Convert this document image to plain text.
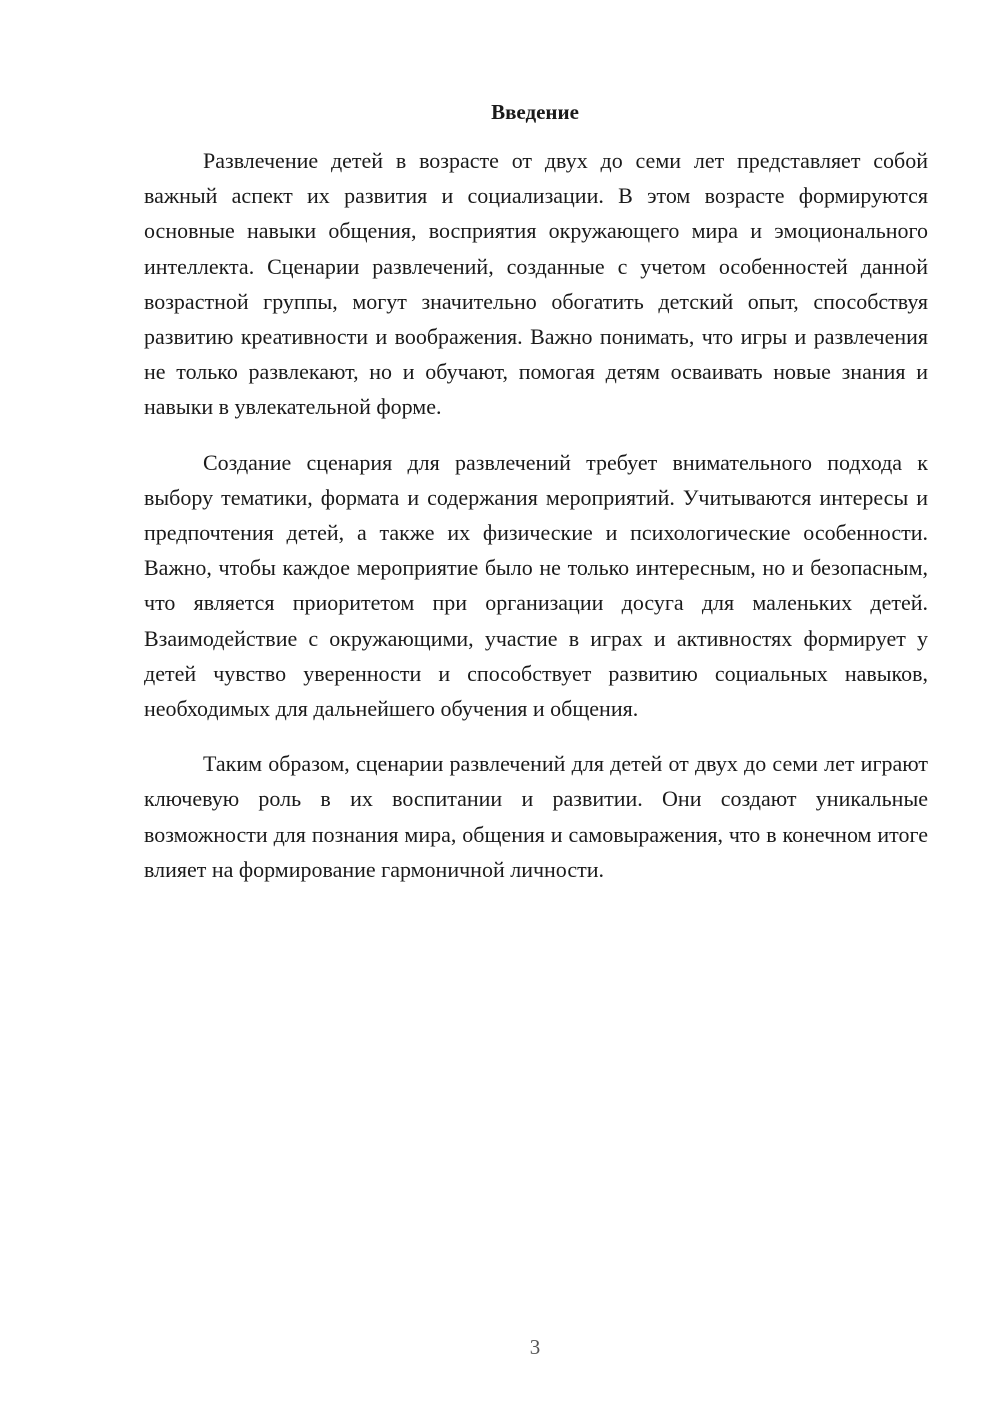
Введение

Развлечение детей в возрасте от двух до семи лет представляет собой важный аспект их развития и социализации. В этом возрасте формируются основные навыки общения, восприятия окружающего мира и эмоционального интеллекта. Сценарии развлечений, созданные с учетом особенностей данной возрастной группы, могут значительно обогатить детский опыт, способствуя развитию креативности и воображения. Важно понимать, что игры и развлечения не только развлекают, но и обучают, помогая детям осваивать новые знания и навыки в увлекательной форме.

Создание сценария для развлечений требует внимательного подхода к выбору тематики, формата и содержания мероприятий. Учитываются интересы и предпочтения детей, а также их физические и психологические особенности. Важно, чтобы каждое мероприятие было не только интересным, но и безопасным, что является приоритетом при организации досуга для маленьких детей. Взаимодействие с окружающими, участие в играх и активностях формирует у детей чувство уверенности и способствует развитию социальных навыков, необходимых для дальнейшего обучения и общения.

Таким образом, сценарии развлечений для детей от двух до семи лет играют ключевую роль в их воспитании и развитии. Они создают уникальные возможности для познания мира, общения и самовыражения, что в конечном итоге влияет на формирование гармоничной личности.

3
